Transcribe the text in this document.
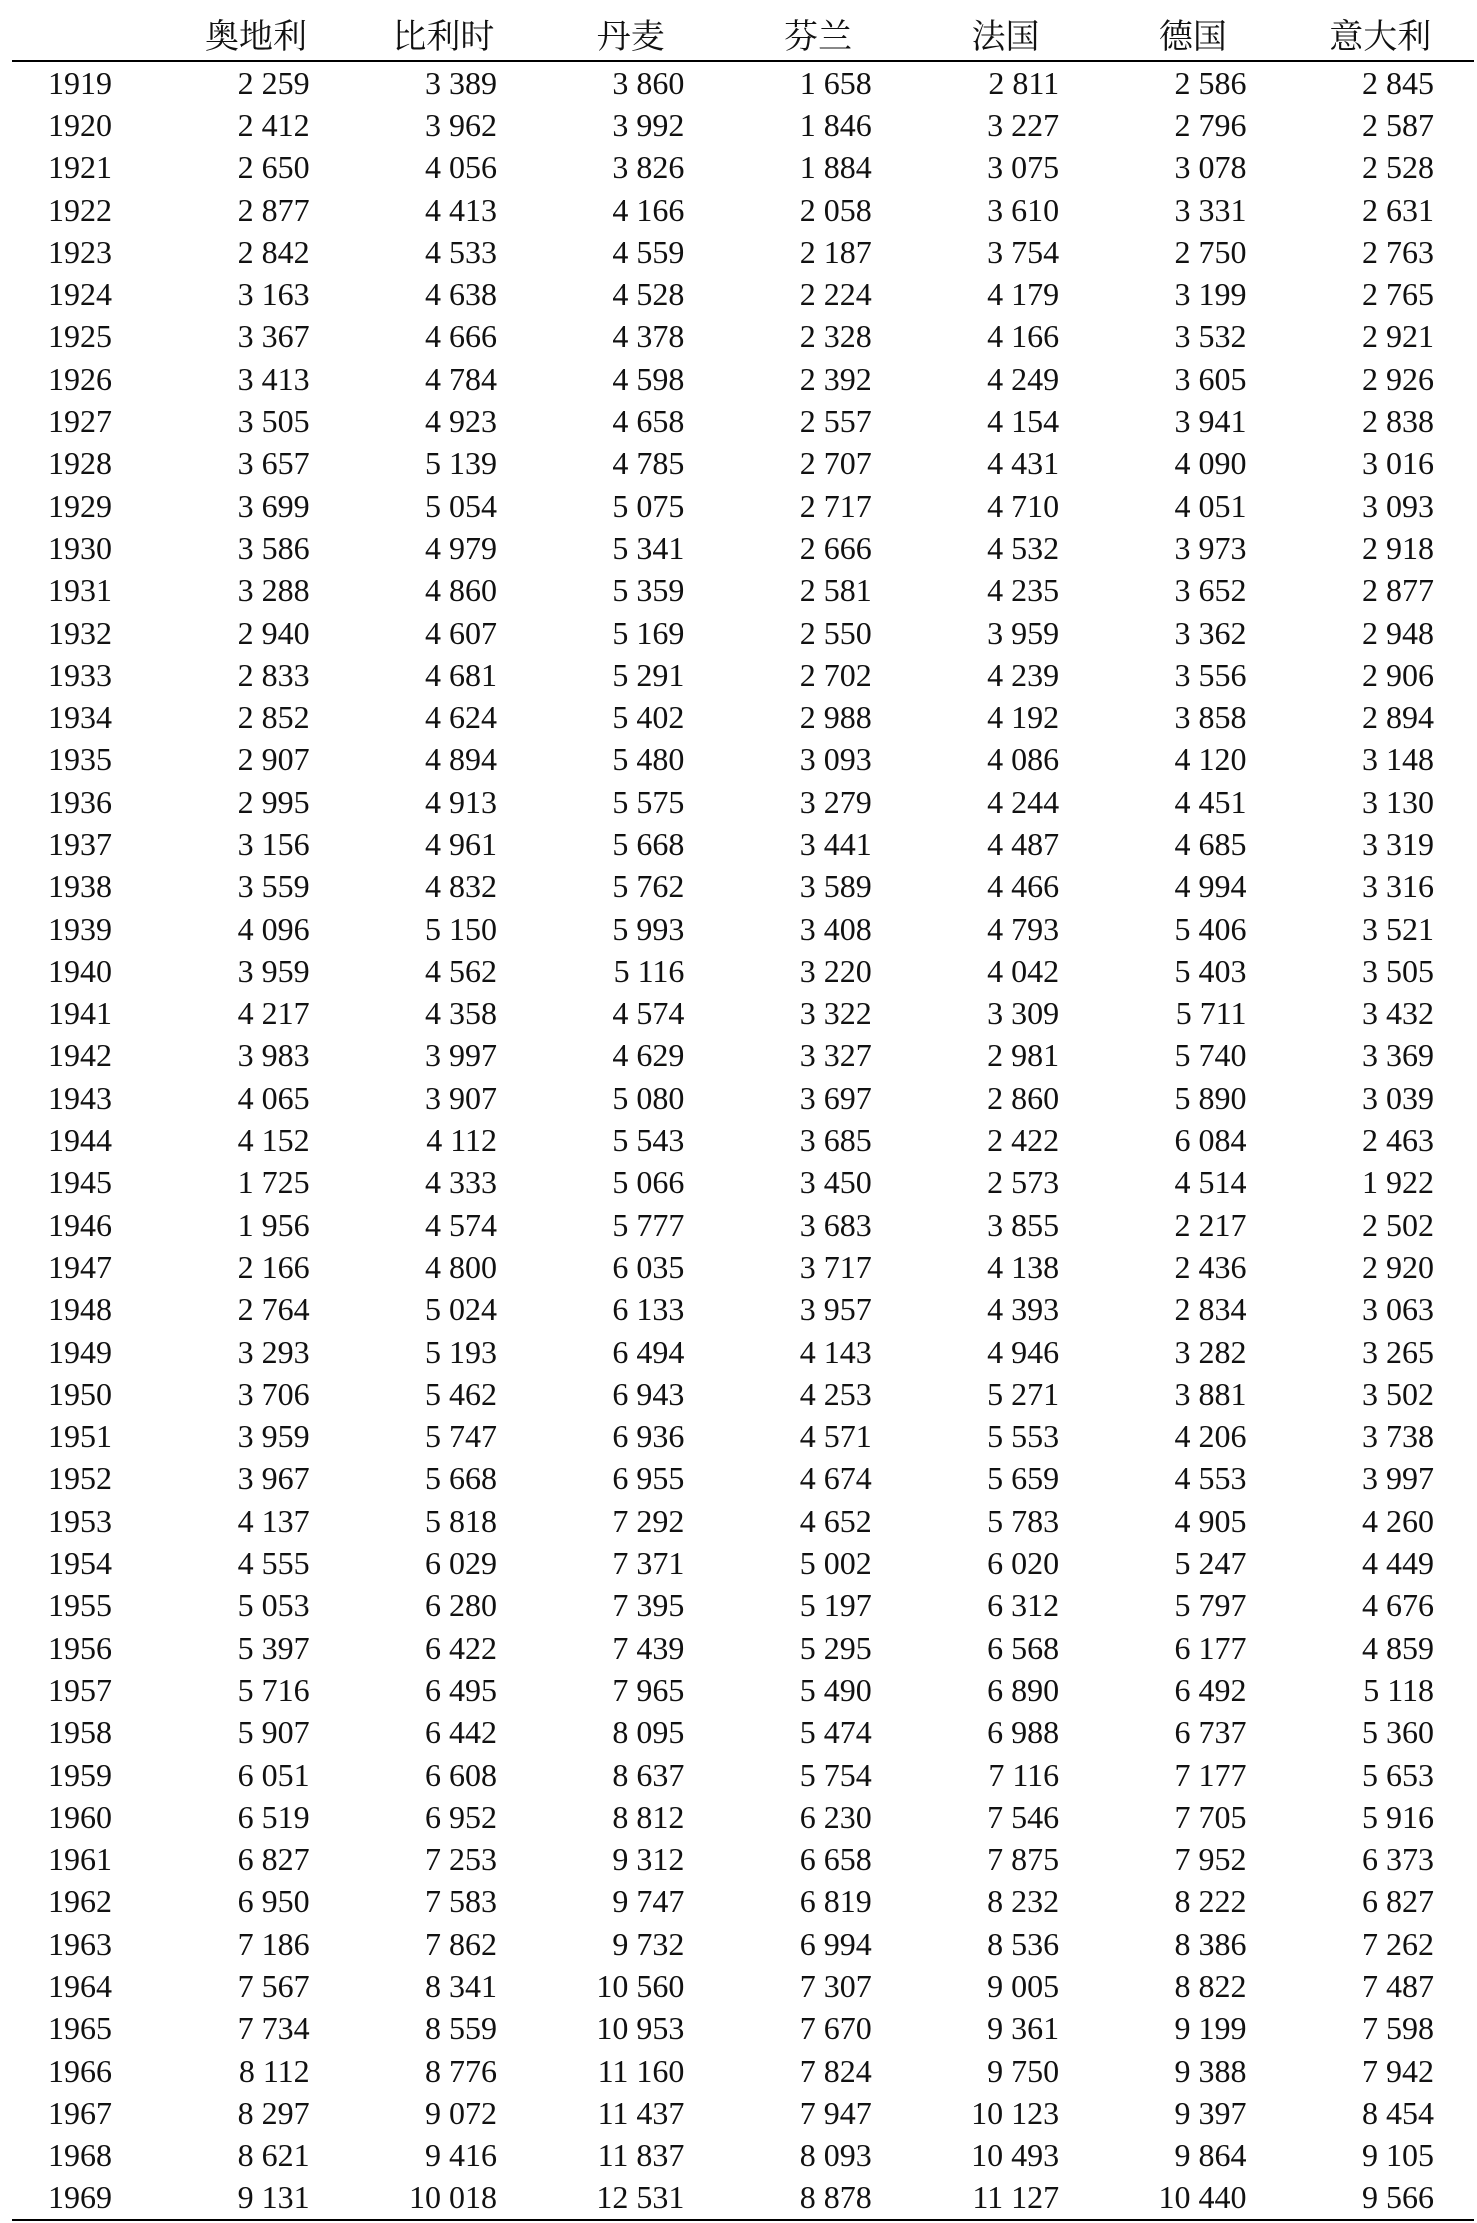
	奥地利	比利时	丹麦	芬兰	法国	德国	意大利
1919	2 259	3 389	3 860	1 658	2 811	2 586	2 845
1920	2 412	3 962	3 992	1 846	3 227	2 796	2 587
1921	2 650	4 056	3 826	1 884	3 075	3 078	2 528
1922	2 877	4 413	4 166	2 058	3 610	3 331	2 631
1923	2 842	4 533	4 559	2 187	3 754	2 750	2 763
1924	3 163	4 638	4 528	2 224	4 179	3 199	2 765
1925	3 367	4 666	4 378	2 328	4 166	3 532	2 921
1926	3 413	4 784	4 598	2 392	4 249	3 605	2 926
1927	3 505	4 923	4 658	2 557	4 154	3 941	2 838
1928	3 657	5 139	4 785	2 707	4 431	4 090	3 016
1929	3 699	5 054	5 075	2 717	4 710	4 051	3 093
1930	3 586	4 979	5 341	2 666	4 532	3 973	2 918
1931	3 288	4 860	5 359	2 581	4 235	3 652	2 877
1932	2 940	4 607	5 169	2 550	3 959	3 362	2 948
1933	2 833	4 681	5 291	2 702	4 239	3 556	2 906
1934	2 852	4 624	5 402	2 988	4 192	3 858	2 894
1935	2 907	4 894	5 480	3 093	4 086	4 120	3 148
1936	2 995	4 913	5 575	3 279	4 244	4 451	3 130
1937	3 156	4 961	5 668	3 441	4 487	4 685	3 319
1938	3 559	4 832	5 762	3 589	4 466	4 994	3 316
1939	4 096	5 150	5 993	3 408	4 793	5 406	3 521
1940	3 959	4 562	5 116	3 220	4 042	5 403	3 505
1941	4 217	4 358	4 574	3 322	3 309	5 711	3 432
1942	3 983	3 997	4 629	3 327	2 981	5 740	3 369
1943	4 065	3 907	5 080	3 697	2 860	5 890	3 039
1944	4 152	4 112	5 543	3 685	2 422	6 084	2 463
1945	1 725	4 333	5 066	3 450	2 573	4 514	1 922
1946	1 956	4 574	5 777	3 683	3 855	2 217	2 502
1947	2 166	4 800	6 035	3 717	4 138	2 436	2 920
1948	2 764	5 024	6 133	3 957	4 393	2 834	3 063
1949	3 293	5 193	6 494	4 143	4 946	3 282	3 265
1950	3 706	5 462	6 943	4 253	5 271	3 881	3 502
1951	3 959	5 747	6 936	4 571	5 553	4 206	3 738
1952	3 967	5 668	6 955	4 674	5 659	4 553	3 997
1953	4 137	5 818	7 292	4 652	5 783	4 905	4 260
1954	4 555	6 029	7 371	5 002	6 020	5 247	4 449
1955	5 053	6 280	7 395	5 197	6 312	5 797	4 676
1956	5 397	6 422	7 439	5 295	6 568	6 177	4 859
1957	5 716	6 495	7 965	5 490	6 890	6 492	5 118
1958	5 907	6 442	8 095	5 474	6 988	6 737	5 360
1959	6 051	6 608	8 637	5 754	7 116	7 177	5 653
1960	6 519	6 952	8 812	6 230	7 546	7 705	5 916
1961	6 827	7 253	9 312	6 658	7 875	7 952	6 373
1962	6 950	7 583	9 747	6 819	8 232	8 222	6 827
1963	7 186	7 862	9 732	6 994	8 536	8 386	7 262
1964	7 567	8 341	10 560	7 307	9 005	8 822	7 487
1965	7 734	8 559	10 953	7 670	9 361	9 199	7 598
1966	8 112	8 776	11 160	7 824	9 750	9 388	7 942
1967	8 297	9 072	11 437	7 947	10 123	9 397	8 454
1968	8 621	9 416	11 837	8 093	10 493	9 864	9 105
1969	9 131	10 018	12 531	8 878	11 127	10 440	9 566
